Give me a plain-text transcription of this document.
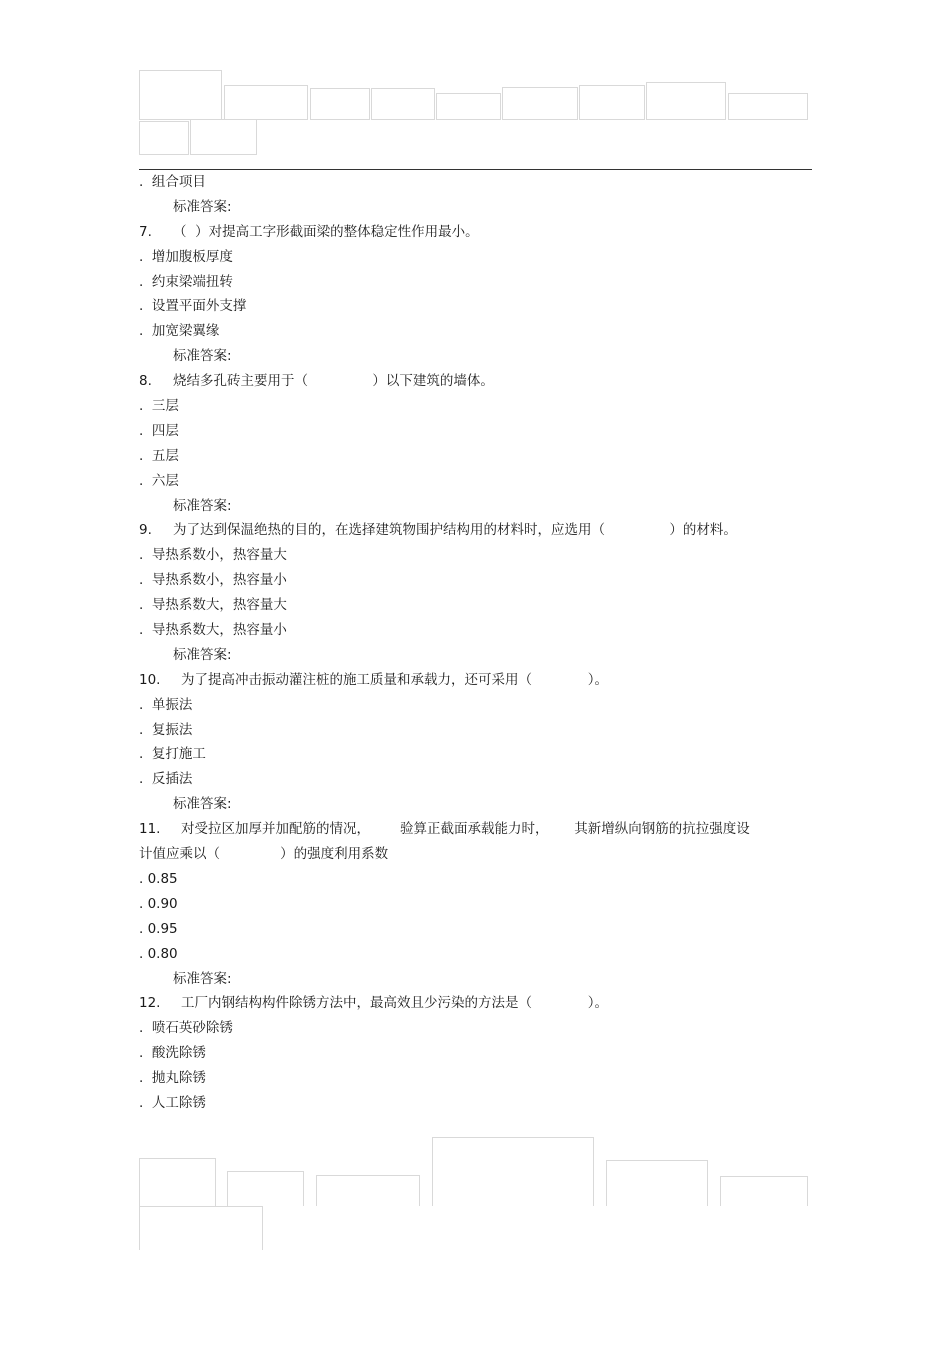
.  组合项目
标准答案:
7.	（  ）对提高工字形截面梁的整体稳定性作用最小。
.  增加腹板厚度
.  约束梁端扭转
.  设置平面外支撑
.  加宽梁翼缘
标准答案:
8.	烧结多孔砖主要用于（               ）以下建筑的墙体。
.  三层
.  四层
.  五层
.  六层
标准答案:
9.	为了达到保温绝热的目的，在选择建筑物围护结构用的材料时，应选用（               ）的材料。
.  导热系数小，热容量大
.  导热系数小，热容量小
.  导热系数大，热容量大
.  导热系数大，热容量小
标准答案:
10.	为了提高冲击振动灌注桩的施工质量和承载力，还可采用（             ）。
.  单振法
.  复振法
.  复打施工
.  反插法
标准答案:
11.	对受拉区加厚并加配筋的情况，       验算正截面承载能力时，      其新增纵向钢筋的抗拉强度设
计值应乘以（              ）的强度利用系数
. 0.85
. 0.90
. 0.95
. 0.80
标准答案:
12.	工厂内钢结构构件除锈方法中，最高效且少污染的方法是（             ）。
.  喷石英砂除锈
.  酸洗除锈
.  抛丸除锈
.  人工除锈
